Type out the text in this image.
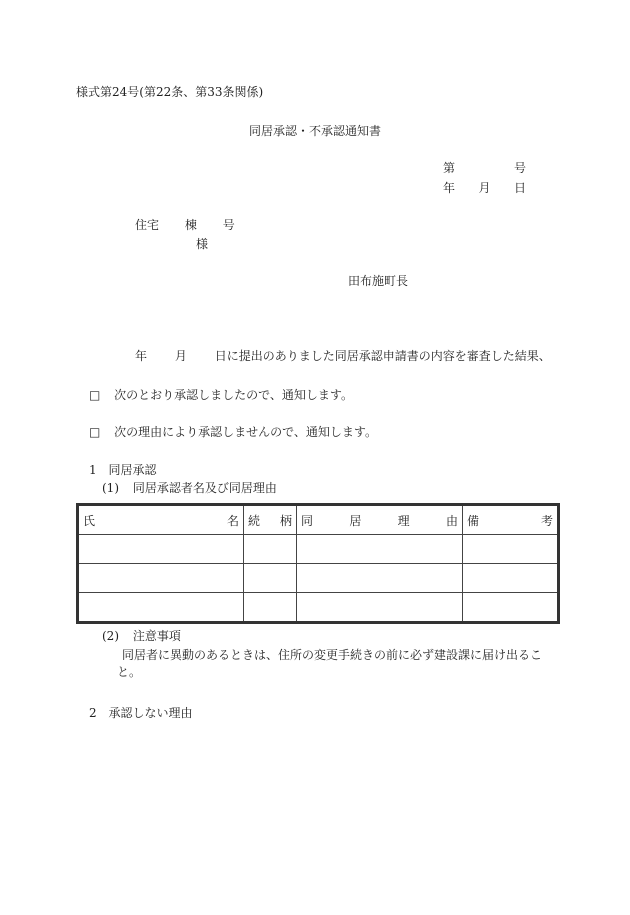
様式第24号(第22条、第33条関係)
同居承認・不承認通知書
第	号
年 月 日
住宅 棟 号
様
田布施町長
年 月 日に提出のありました同居承認申請書の内容を審査した結果、
□ 次のとおり承認しましたので、通知します。
□ 次の理由により承認しませんので、通知します。
1 同居承認
(1) 同居承認者名及び同居理由
氏 名	続 柄	同 居 理 由	備 考

(2) 注意事項
同居者に異動のあるときは、住所の変更手続きの前に必ず建設課に届け出るこ
と。
2 承認しない理由
